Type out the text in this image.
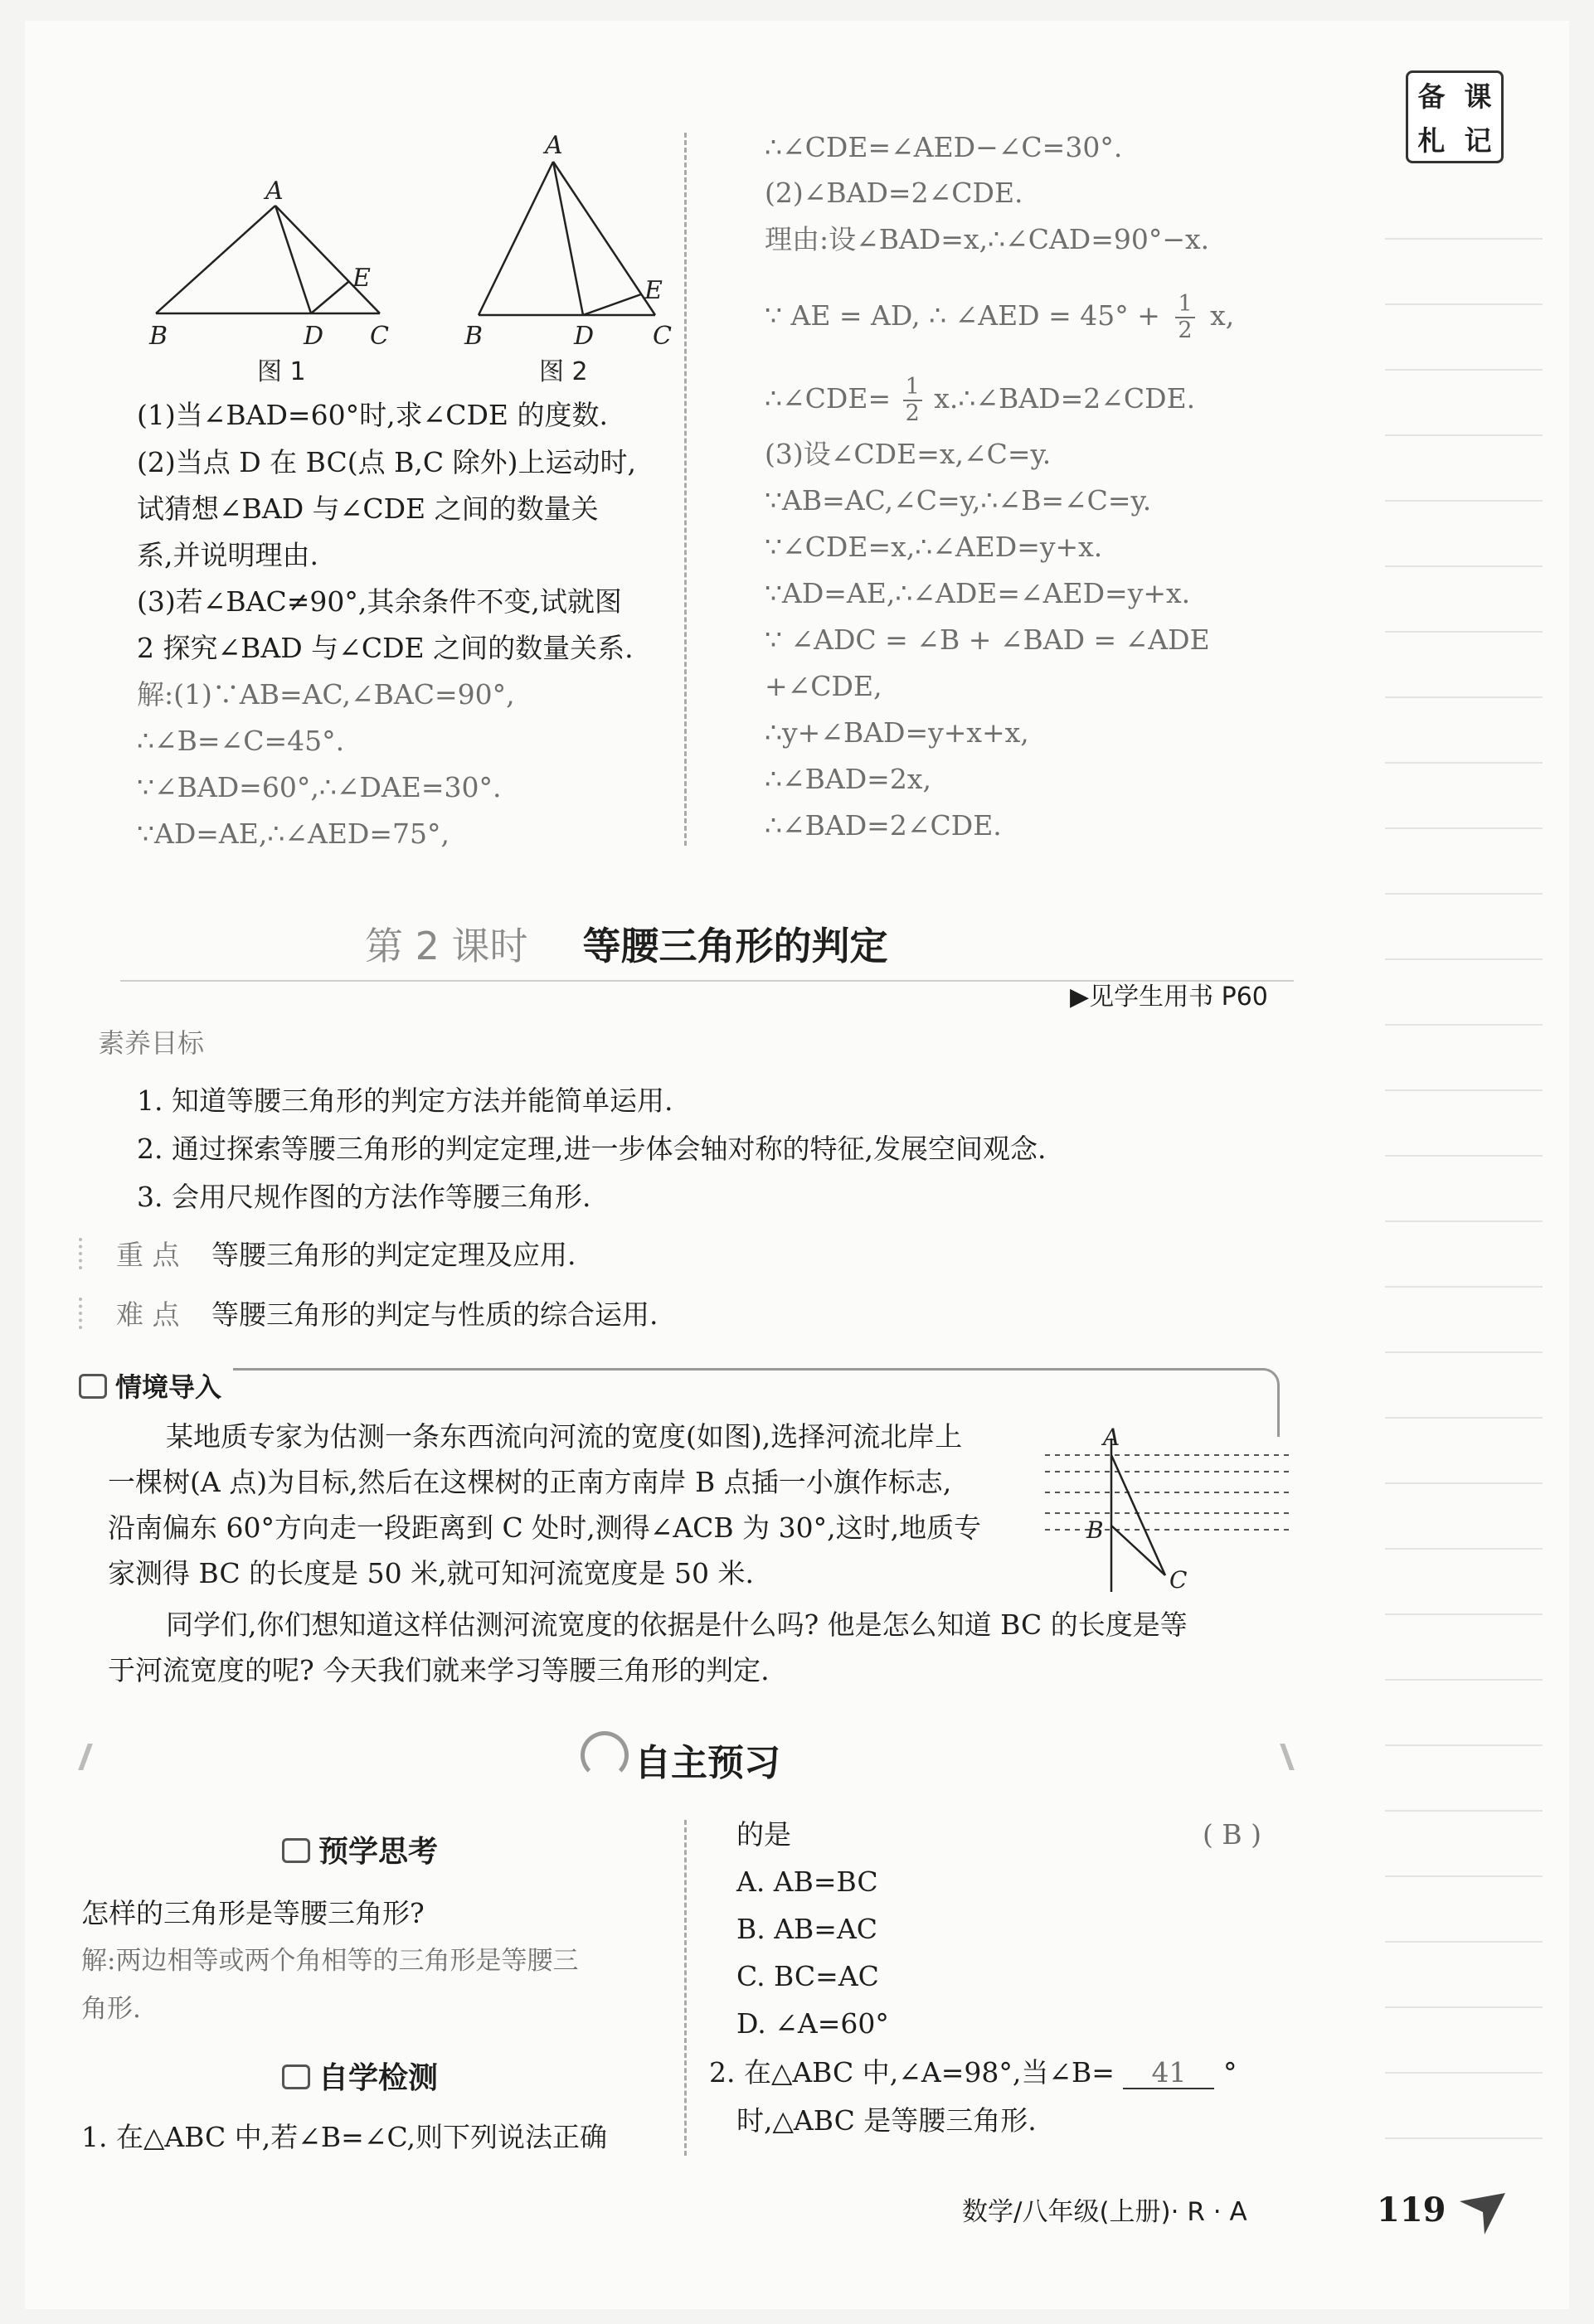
备 课
札 记
A
B	D C
E
图 1
A
B	D C
E
图 2
(1)当∠BAD=60°时,求∠CDE 的度数.
(2)当点 D 在 BC(点 B,C 除外)上运动时,
试猜想∠BAD 与∠CDE 之间的数量关
系,并说明理由.
(3)若∠BAC≠90°,其余条件不变,试就图
2 探究∠BAD 与∠CDE 之间的数量关系.
解:(1)∵AB=AC,∠BAC=90°,
∴∠B=∠C=45°.
∵∠BAD=60°,∴∠DAE=30°.
∵AD=AE,∴∠AED=75°,
∴∠CDE=∠AED−∠C=30°.
(2)∠BAD=2∠CDE.
理由:设∠BAD=x,∴∠CAD=90°−x.
∵ AE = AD, ∴ ∠AED = $45^\circ + \frac{1}{2} x$,
∴∠CDE= $\frac{1}{2}$ x.∴∠BAD=2∠CDE.
(3)设∠CDE=x,∠C=y.
∵AB=AC,∠C=y,∴∠B=∠C=y.
∵∠CDE=x,∴∠AED=y+x.
∵AD=AE,∴∠ADE=∠AED=y+x.
∵ ∠ADC = ∠B + ∠BAD = ∠ADE
+∠CDE,
∴y+∠BAD=y+x+x,
∴∠BAD=2x,
∴∠BAD=2∠CDE.
第 2 课时 等腰三角形的判定
▶见学生用书 P60
素养目标
1. 知道等腰三角形的判定方法并能简单运用.
2. 通过探索等腰三角形的判定定理,进一步体会轴对称的特征,发展空间观念.
3. 会用尺规作图的方法作等腰三角形.
重 点 等腰三角形的判定定理及应用.
难 点 等腰三角形的判定与性质的综合运用.
情境导入
某地质专家为估测一条东西流向河流的宽度(如图),选择河流北岸上
一棵树(A 点)为目标,然后在这棵树的正南方南岸 B 点插一小旗作标志,
沿南偏东 60°方向走一段距离到 C 处时,测得∠ACB 为 30°,这时,地质专
家测得 BC 的长度是 50 米,就可知河流宽度是 50 米.
同学们,你们想知道这样估测河流宽度的依据是什么吗? 他是怎么知道 BC 的长度是等
于河流宽度的呢? 今天我们就来学习等腰三角形的判定.
A
B
C
自主预习
预学思考
怎样的三角形是等腰三角形?
解:两边相等或两个角相等的三角形是等腰三
角形.
自学检测
1. 在△ABC 中,若∠B=∠C,则下列说法正确
的是	( B )
A. AB=BC
B. AB=AC
C. BC=AC
D. ∠A=60°
2. 在△ABC 中,∠A=98°,当∠B= 41 °
时,△ABC 是等腰三角形.
数学/八年级(上册)· R · A	119
